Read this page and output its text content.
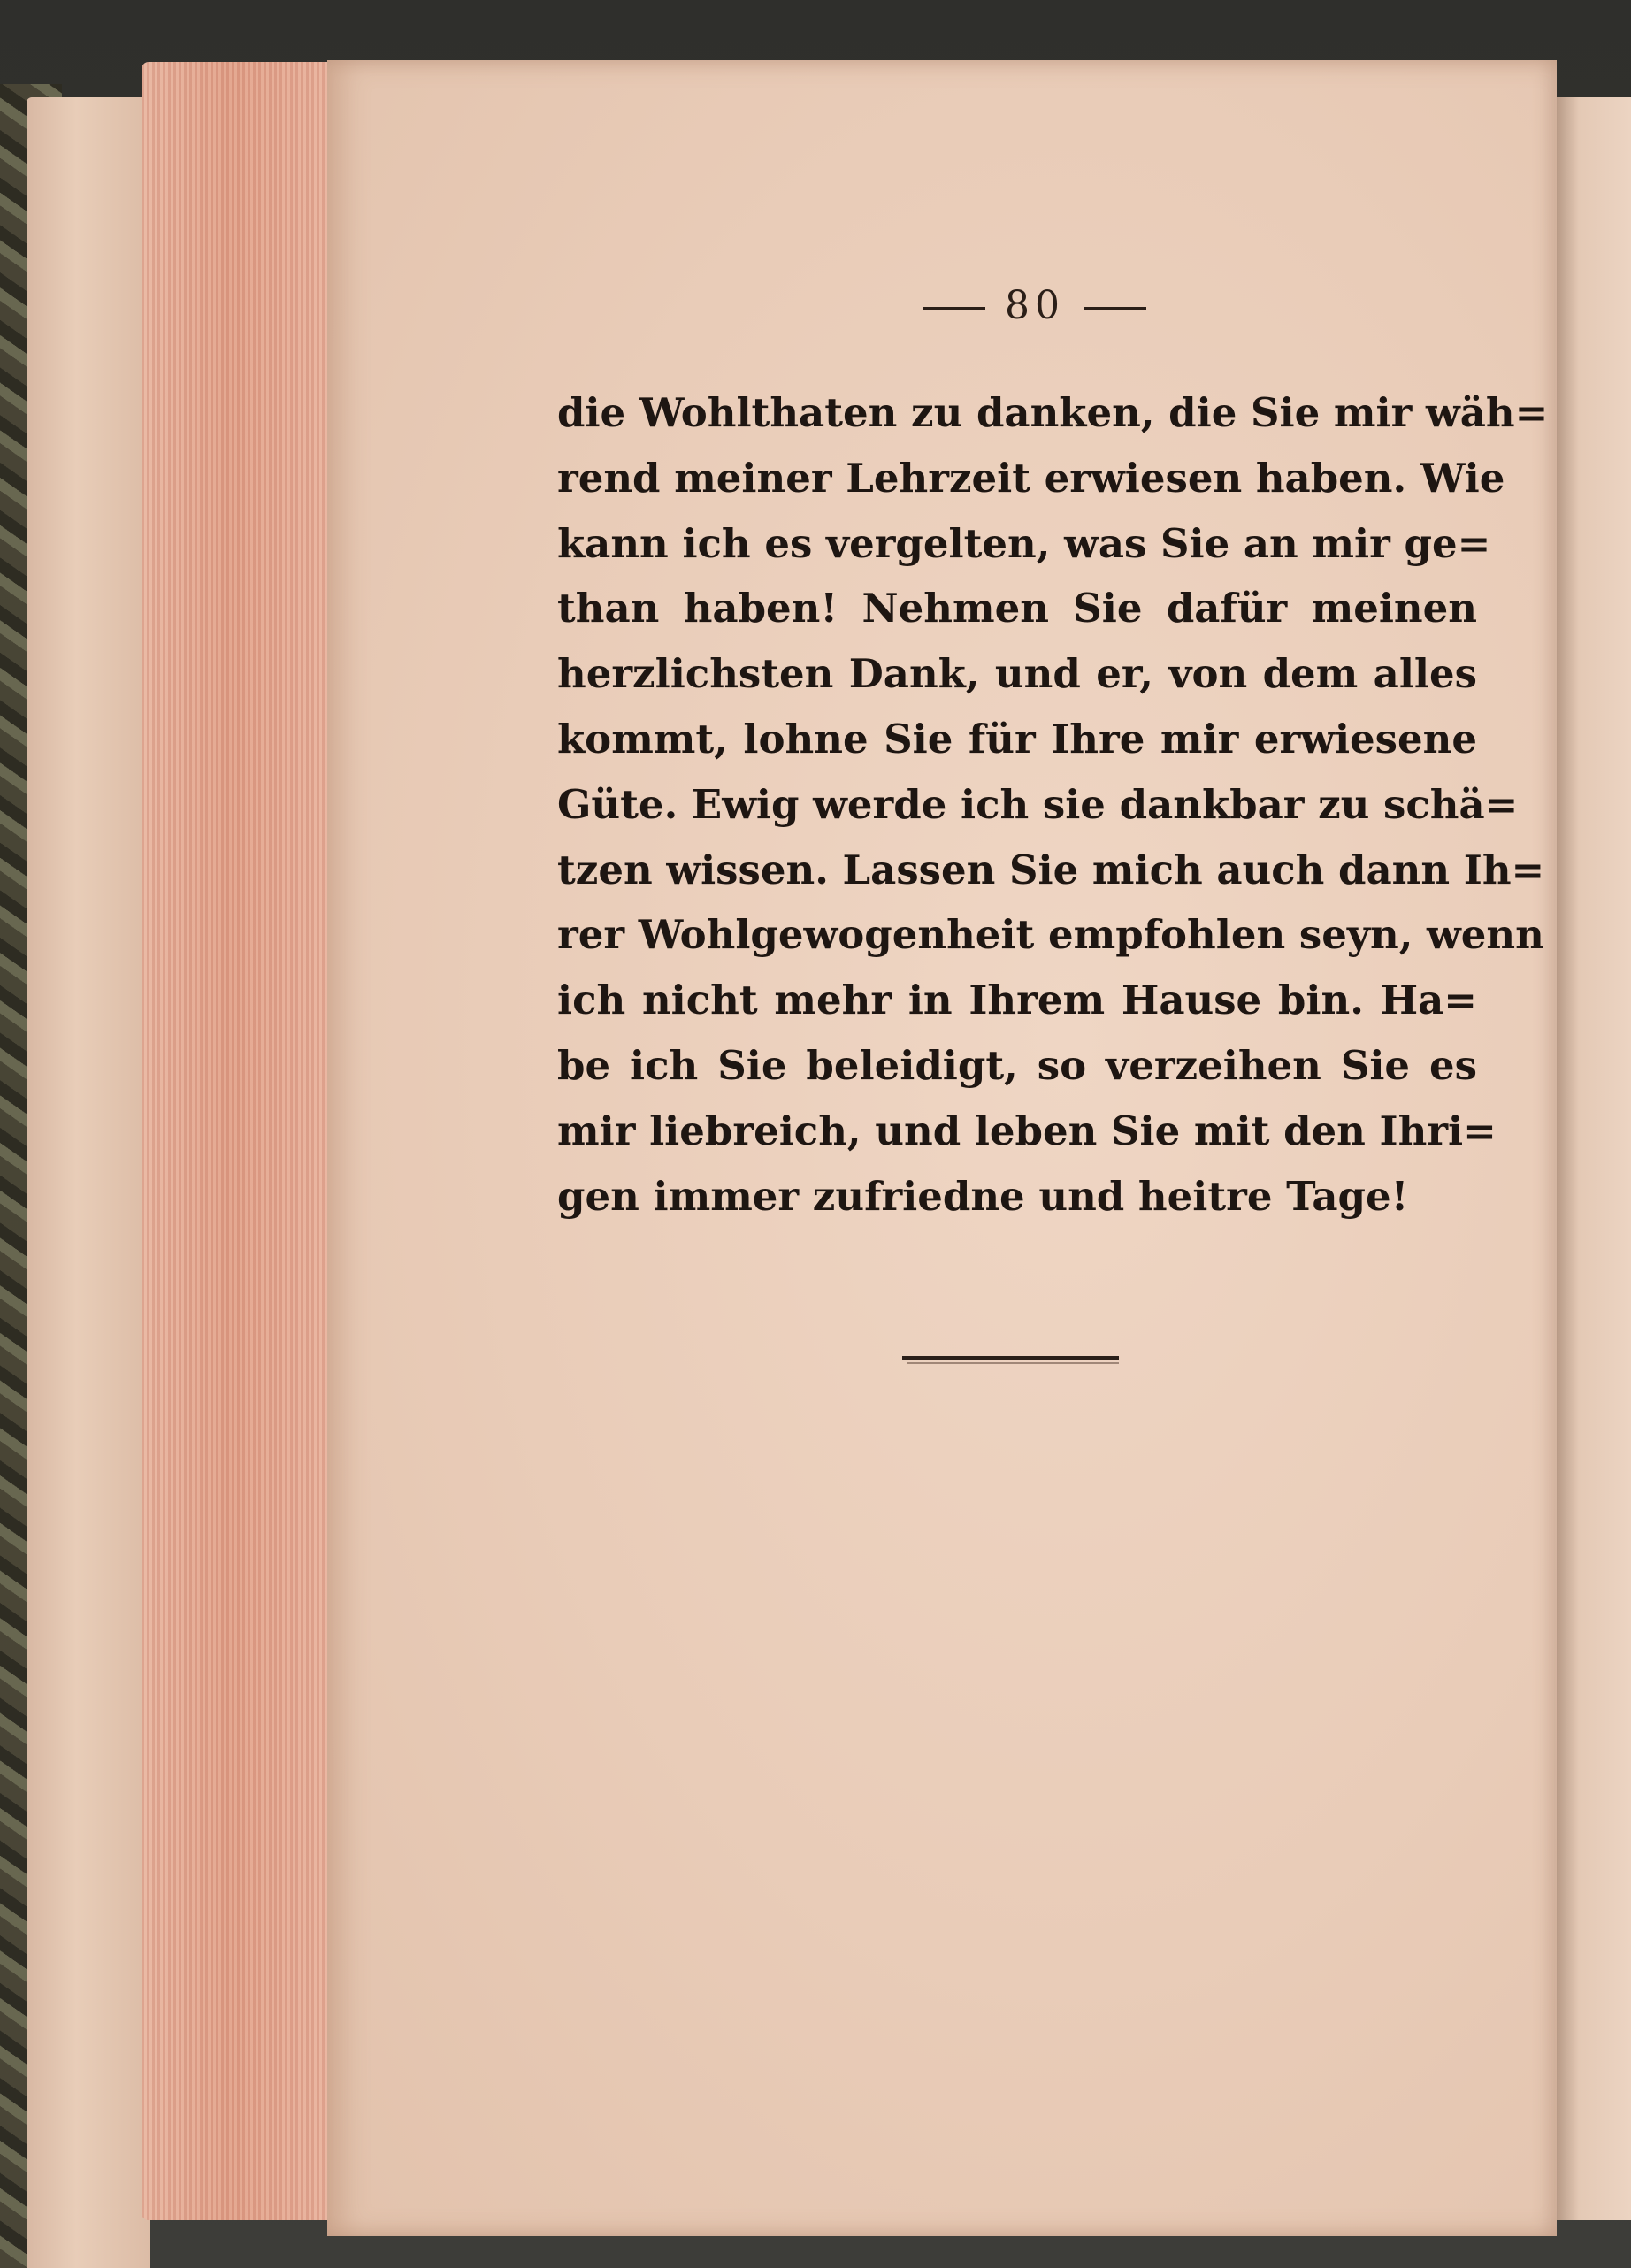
80
die Wohlthaten zu danken, die Sie mir wäh=
rend meiner Lehrzeit erwiesen haben. Wie
kann ich es vergelten, was Sie an mir ge=
than haben! Nehmen Sie dafür meinen
herzlichsten Dank, und er, von dem alles
kommt, lohne Sie für Ihre mir erwiesene
Güte. Ewig werde ich sie dankbar zu schä=
tzen wissen. Lassen Sie mich auch dann Ih=
rer Wohlgewogenheit empfohlen seyn, wenn
ich nicht mehr in Ihrem Hause bin. Ha=
be ich Sie beleidigt, so verzeihen Sie es
mir liebreich, und leben Sie mit den Ihri=
gen immer zufriedne und heitre Tage!
